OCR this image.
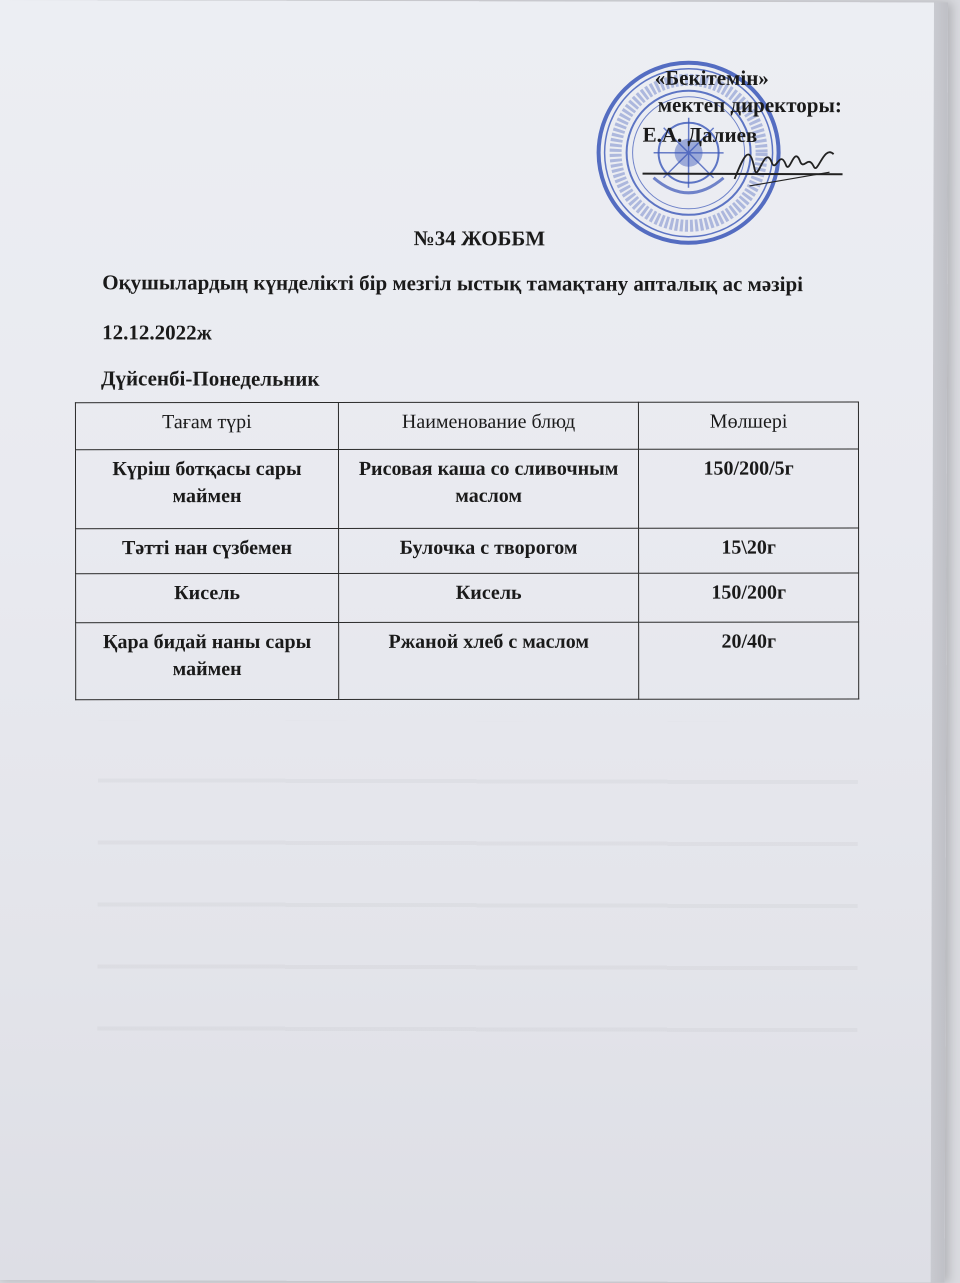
«Бекітемін»
мектеп директоры:
Е.А. Далиев
№34 ЖОББМ
Оқушылардың күнделікті бір мезгіл ыстық тамақтану апталық ас мәзірі
12.12.2022ж
Дүйсенбі-Понедельник
Тағам түрі	Наименование блюд	Мөлшері
Күріш ботқасы сары маймен	Рисовая каша со сливочным маслом	150/200/5г
Тәтті нан сүзбемен	Булочка с творогом	15\20г
Кисель	Кисель	150/200г
Қара бидай наны сары маймен	Ржаной хлеб с маслом	20/40г
